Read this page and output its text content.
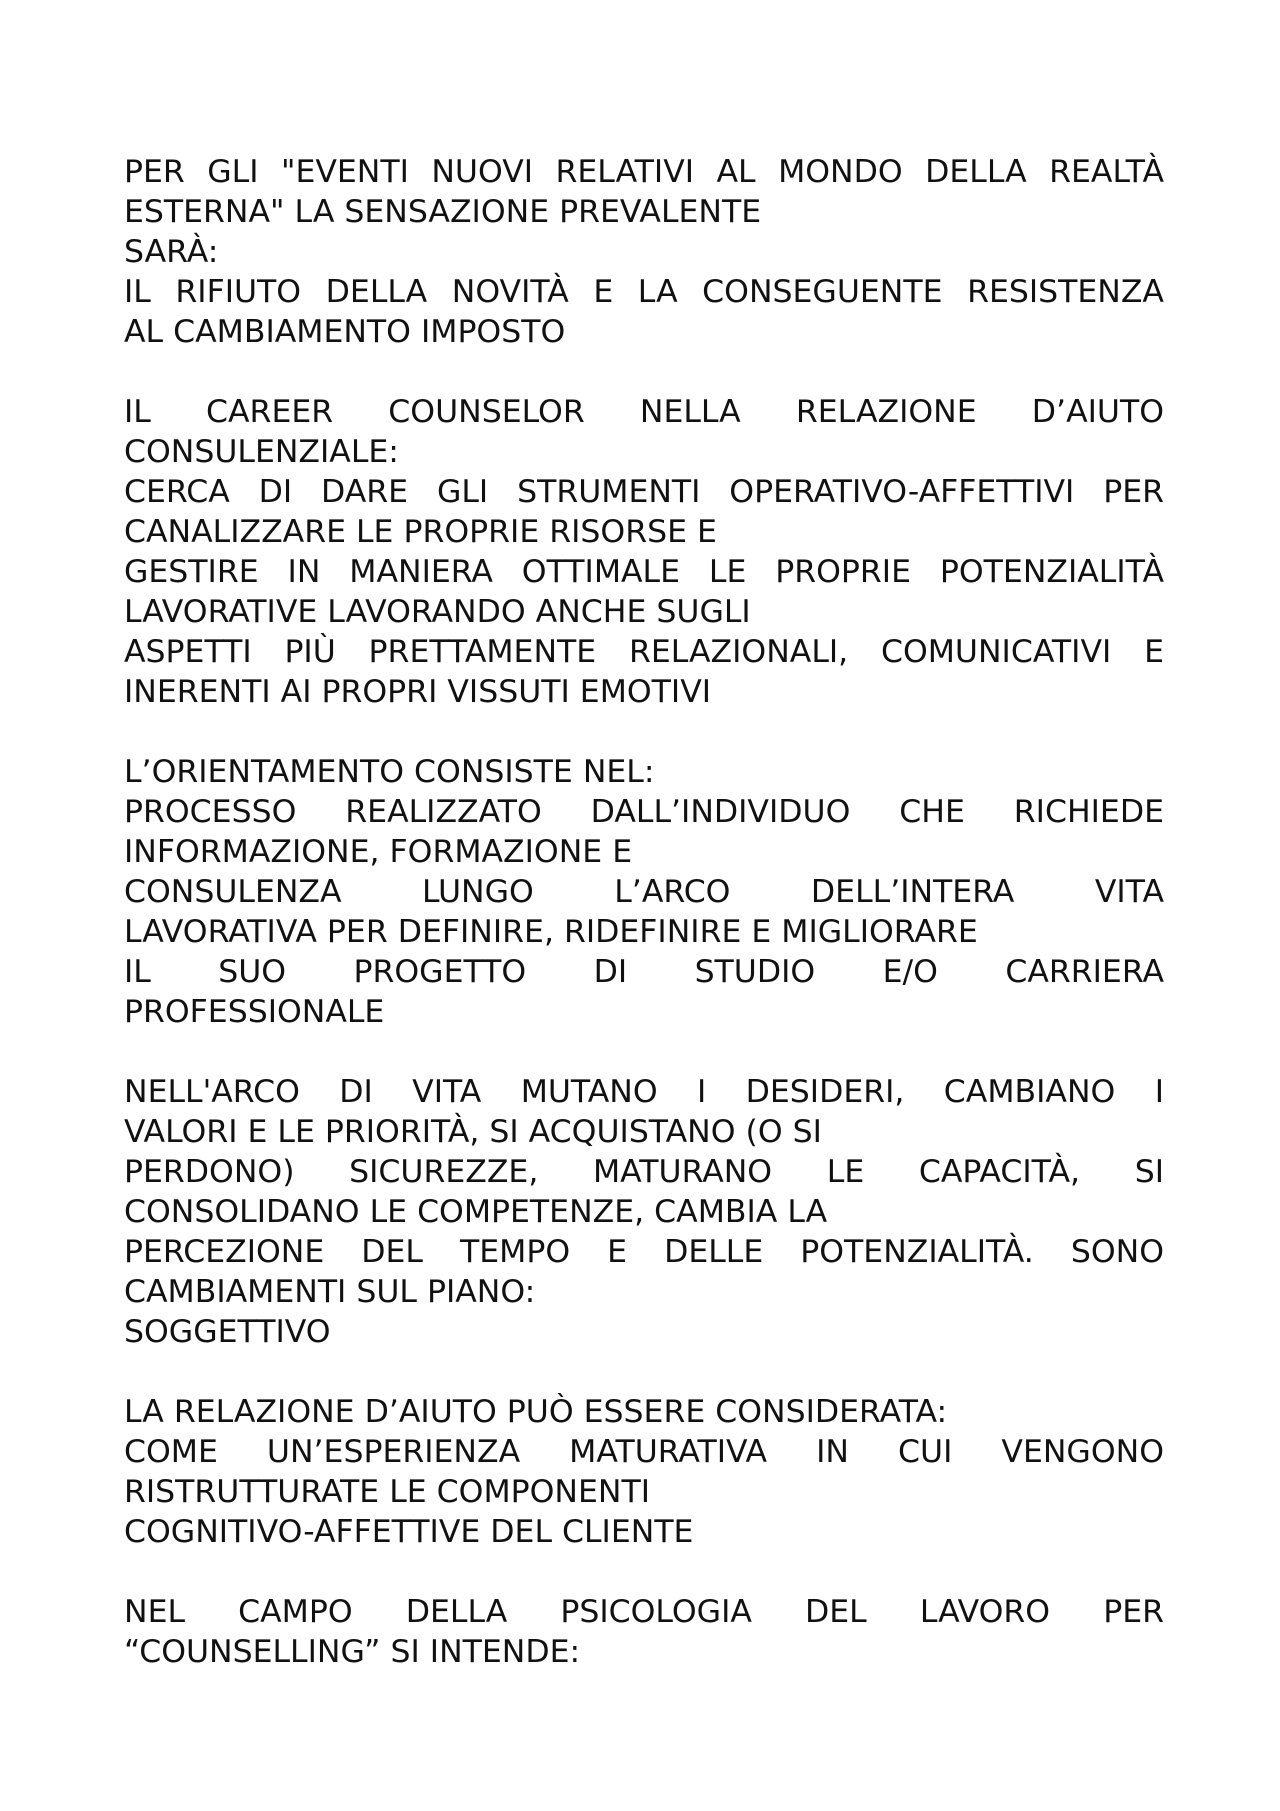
PER GLI "EVENTI NUOVI RELATIVI AL MONDO DELLA REALTÀ
ESTERNA" LA SENSAZIONE PREVALENTE
SARÀ:
IL RIFIUTO DELLA NOVITÀ E LA CONSEGUENTE RESISTENZA
AL CAMBIAMENTO IMPOSTO
IL CAREER COUNSELOR NELLA RELAZIONE D’AIUTO
CONSULENZIALE:
CERCA DI DARE GLI STRUMENTI OPERATIVO-AFFETTIVI PER
CANALIZZARE LE PROPRIE RISORSE E
GESTIRE IN MANIERA OTTIMALE LE PROPRIE POTENZIALITÀ
LAVORATIVE LAVORANDO ANCHE SUGLI
ASPETTI PIÙ PRETTAMENTE RELAZIONALI, COMUNICATIVI E
INERENTI AI PROPRI VISSUTI EMOTIVI
L’ORIENTAMENTO CONSISTE NEL:
PROCESSO REALIZZATO DALL’INDIVIDUO CHE RICHIEDE
INFORMAZIONE, FORMAZIONE E
CONSULENZA LUNGO L’ARCO DELL’INTERA VITA
LAVORATIVA PER DEFINIRE, RIDEFINIRE E MIGLIORARE
IL SUO PROGETTO DI STUDIO E/O CARRIERA
PROFESSIONALE
NELL'ARCO DI VITA MUTANO I DESIDERI, CAMBIANO I
VALORI E LE PRIORITÀ, SI ACQUISTANO (O SI
PERDONO) SICUREZZE, MATURANO LE CAPACITÀ, SI
CONSOLIDANO LE COMPETENZE, CAMBIA LA
PERCEZIONE DEL TEMPO E DELLE POTENZIALITÀ. SONO
CAMBIAMENTI SUL PIANO:
SOGGETTIVO
LA RELAZIONE D’AIUTO PUÒ ESSERE CONSIDERATA:
COME UN’ESPERIENZA MATURATIVA IN CUI VENGONO
RISTRUTTURATE LE COMPONENTI
COGNITIVO-AFFETTIVE DEL CLIENTE
NEL CAMPO DELLA PSICOLOGIA DEL LAVORO PER
“COUNSELLING” SI INTENDE:
